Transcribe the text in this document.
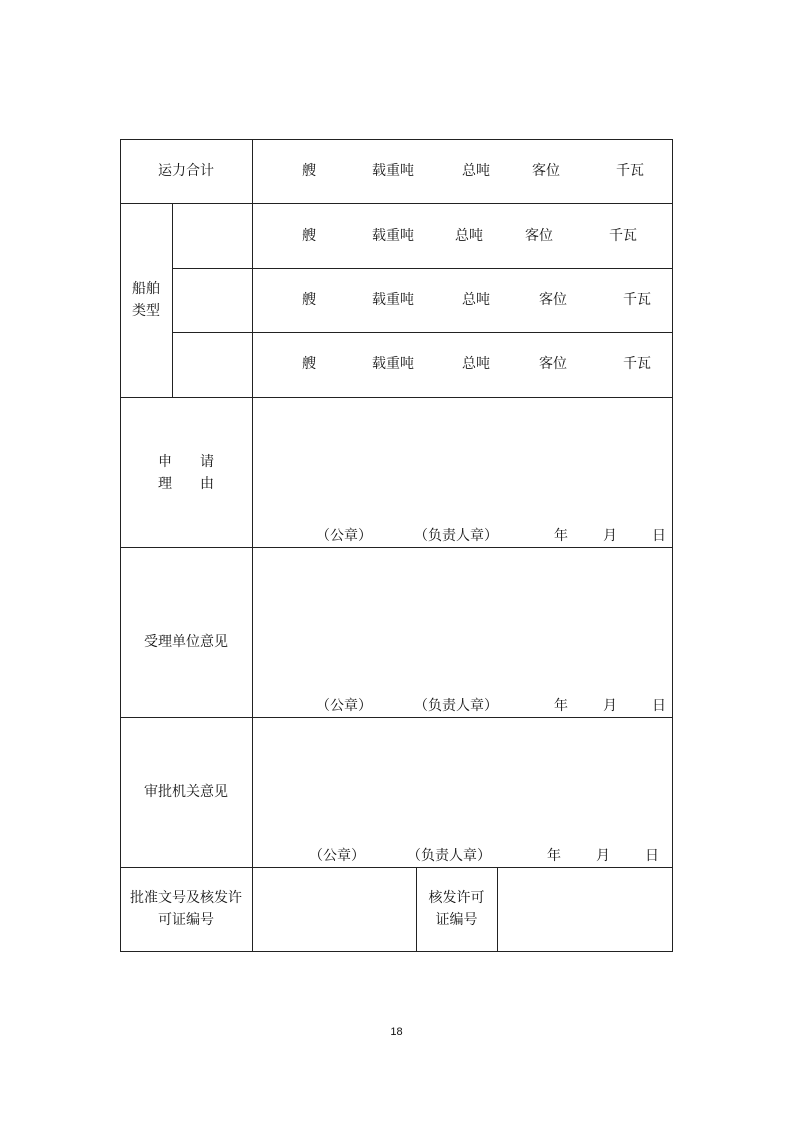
运力合计	艘	载重吨	总吨	客位	千瓦
船舶
类型
艘	载重吨	总吨	客位	千瓦
艘	载重吨	总吨	客位	千瓦
艘	载重吨	总吨	客位	千瓦
申　　请
理　　由
（公章）	（负责人章）	年	月	日
受理单位意见
（公章）	（负责人章）	年	月	日
审批机关意见
（公章）	（负责人章）	年	月	日
批准文号及核发许
可证编号
核发许可
证编号
18
